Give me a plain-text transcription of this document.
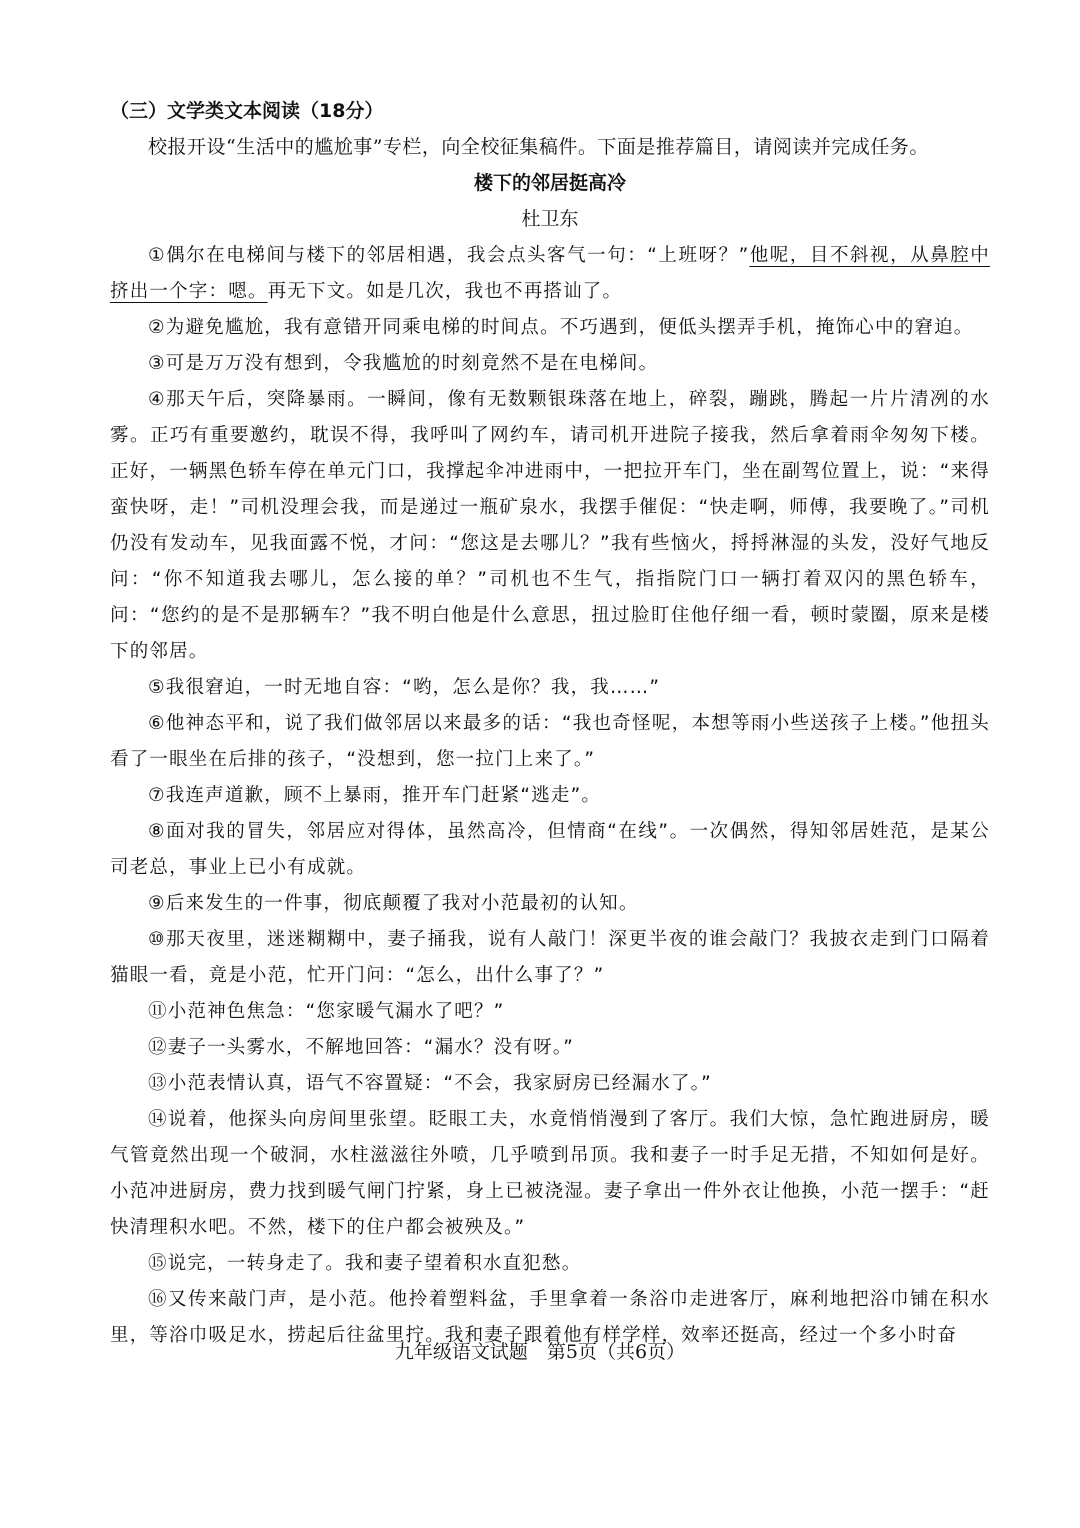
（三）文学类文本阅读（18分）
校报开设“生活中的尴尬事”专栏，向全校征集稿件。下面是推荐篇目，请阅读并完成任务。
楼下的邻居挺高冷
杜卫东

①偶尔在电梯间与楼下的邻居相遇，我会点头客气一句：“上班呀？”他呢，目不斜视，从鼻腔中挤出一个字：嗯。再无下文。如是几次，我也不再搭讪了。

②为避免尴尬，我有意错开同乘电梯的时间点。不巧遇到，便低头摆弄手机，掩饰心中的窘迫。

③可是万万没有想到，令我尴尬的时刻竟然不是在电梯间。

④那天午后，突降暴雨。一瞬间，像有无数颗银珠落在地上，碎裂，蹦跳，腾起一片片清冽的水雾。正巧有重要邀约，耽误不得，我呼叫了网约车，请司机开进院子接我，然后拿着雨伞匆匆下楼。正好，一辆黑色轿车停在单元门口，我撑起伞冲进雨中，一把拉开车门，坐在副驾位置上，说：“来得蛮快呀，走！”司机没理会我，而是递过一瓶矿泉水，我摆手催促：“快走啊，师傅，我要晚了。”司机仍没有发动车，见我面露不悦，才问：“您这是去哪儿？”我有些恼火，捋捋淋湿的头发，没好气地反问：“你不知道我去哪儿，怎么接的单？”司机也不生气，指指院门口一辆打着双闪的黑色轿车，问：“您约的是不是那辆车？”我不明白他是什么意思，扭过脸盯住他仔细一看，顿时蒙圈，原来是楼下的邻居。

⑤我很窘迫，一时无地自容：“哟，怎么是你？我，我……”

⑥他神态平和，说了我们做邻居以来最多的话：“我也奇怪呢，本想等雨小些送孩子上楼。”他扭头看了一眼坐在后排的孩子，“没想到，您一拉门上来了。”

⑦我连声道歉，顾不上暴雨，推开车门赶紧“逃走”。

⑧面对我的冒失，邻居应对得体，虽然高冷，但情商“在线”。一次偶然，得知邻居姓范，是某公司老总，事业上已小有成就。

⑨后来发生的一件事，彻底颠覆了我对小范最初的认知。

⑩那天夜里，迷迷糊糊中，妻子捅我，说有人敲门！深更半夜的谁会敲门？我披衣走到门口隔着猫眼一看，竟是小范，忙开门问：“怎么，出什么事了？”

⑪小范神色焦急：“您家暖气漏水了吧？”

⑫妻子一头雾水，不解地回答：“漏水？没有呀。”

⑬小范表情认真，语气不容置疑：“不会，我家厨房已经漏水了。”

⑭说着，他探头向房间里张望。眨眼工夫，水竟悄悄漫到了客厅。我们大惊，急忙跑进厨房，暖气管竟然出现一个破洞，水柱滋滋往外喷，几乎喷到吊顶。我和妻子一时手足无措，不知如何是好。小范冲进厨房，费力找到暖气闸门拧紧，身上已被浇湿。妻子拿出一件外衣让他换，小范一摆手：“赶快清理积水吧。不然，楼下的住户都会被殃及。”

⑮说完，一转身走了。我和妻子望着积水直犯愁。

⑯又传来敲门声，是小范。他拎着塑料盆，手里拿着一条浴巾走进客厅，麻利地把浴巾铺在积水里，等浴巾吸足水，捞起后往盆里拧。我和妻子跟着他有样学样，效率还挺高，经过一个多小时奋

九年级语文试题　第5页（共6页）
